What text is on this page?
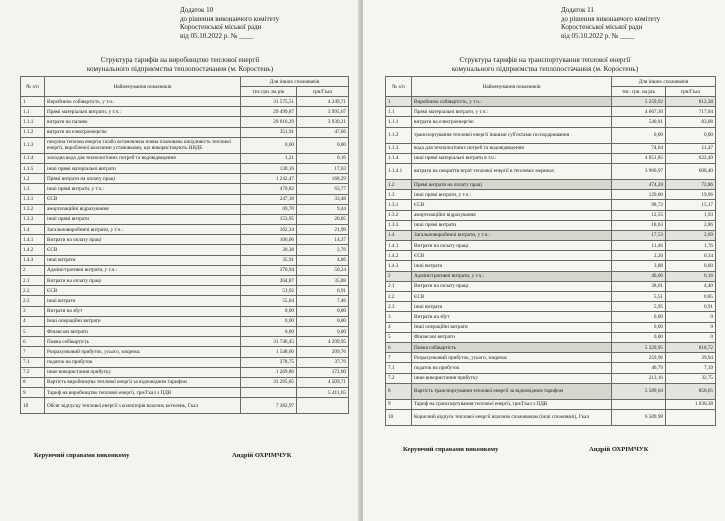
Додаток 10
до рішення виконавчого комітету
Коростенської міської ради
від 05.10.2022 р. № ____
Структура тарифів на виробництво теплової енергії
комунального підприємства теплопостачання (м. Коростень)
№ з/п	Найменування показників	Для інших споживачів	
		тис.грн. на рік	грн/Гкал
1	Виробнича собівартість, у т.ч.:	31 575,51	4 249,71
1.1	Прямі матеріальні витрати, у т.ч.:	29 499,87	3 995,67
1.1.1	витрати на паливо	29 016,29	3 930,21
1.1.2	витрати на електроенергію	351,91	47,66
1.1.3	покупна теплова енергія та/або встановлена повна планована шкідливість теплової енергії, виробленої власними установками, що використовують НВДЕ	0,00	0,00
1.1.4	холодна вода для технологічних потреб та водовідведення	1,21	0,16
1.1.5	інші прямі матеріальні витрати	130,16	17,63
1.2	Прямі витрати на оплату праці	1 242,47	168,29
1.3	інші прямі витрати, у т.ч.:	470,82	63,77
1.3.1	ЄСВ	247,18	33,48
1.3.2	амортизаційні відрахування	69,70	9,44
1.3.3	інші прямі витрати	153,95	20,85
1.4	Загальновиробничі витрати, у т.ч.:	162,34	21,99
1.4.1	Витрати на оплату праці	106,06	14,37
1.4.2	ЄСВ	20,38	2,76
1.4.3	інші витрати	35,91	4,86
2	Адміністративні витрати, у т.ч.:	370,94	50,24
2.1	Витрати на оплату праці	264,87	35,88
2.2	ЄСВ	51,02	6,91
2.3	інші витрати	55,04	7,46
3	Витрати на збут	0,00	0,00
4	Інші операційні витрати	0,00	0,00
5	Фінансові витрати	0,00	0,00
6	Повна собівартість	31 746,45	4 299,95
7	Розрахунковий прибуток, усього, зокрема:	1 548,60	209,76
7.1	податок на прибуток	278,75	37,76
7.2	інше використання прибутку	1 269,86	172,00
8	Вартість виробництва теплової енергії за відповідним тарифом	33 295,05	4 509,71
9	Тариф на виробництво теплової енергії, грн/Гкал з ПДВ		5 411,65
10	Обсяг відпуску теплової енергії з колекторів власних котелень, Гкал	7 382,97	
Керуючий справами виконкому	Андрій ОХРІМЧУК
Додаток 11
до рішення виконавчого комітету
Коростенської міської ради
від 05.10.2022 р. № ____
Структура тарифів на транспортування теплової енергії
комунального підприємства теплопостачання (м. Коростень)
№ з/п	Найменування показників	Для інших споживачів	
		тис. грн. на рік	грн/Гкал
1	Виробнича собівартість, у т.ч.:	5 259,92	812,38
1.1	Прямі матеріальні витрати, у т.ч.:	4 667,30	717,04
1.1.1	витрати на електроенергію	540,81	83,08
1.1.2	транспортування теплової енергії іншими суб'єктами господарювання	0,00	0,00
1.1.3	вода для технологічних потреб та водовідведення	74,64	11,47
1.1.4	інші прямі матеріальні витрати в т.ч.:	4 051,85	622,49
1.1.4.1	витрати на покриття втрат теплової енергії в теплових мережах	3 960,97	608,40
1.2	Прямі витрати на оплату праці	474,28	72,86
1.3	інші прямі витрати, у т.ч.:	129,00	19,96
1.3.1	ЄСВ	98,72	15,17
1.3.2	амортизаційні відрахування	12,55	1,93
1.3.3	інші прямі витрати	18,63	2,86
1.4	Загальновиробничі витрати, у т.ч.:	17,53	2,69
1.4.1	Витрати на оплату праці	11,46	1,76
1.4.2	ЄСВ	2,20	0,34
1.4.3	інші витрати	3,88	0,60
2	Адміністративні витрати, у т.ч.:	40,06	6,16
2.1	Витрати на оплату праці	28,61	4,40
2.2	ЄСВ	5,51	0,85
2.3	інші витрати	5,95	0,91
3	Витрати на збут	0,00	0
4	Інші операційні витрати	0,00	0
5	Фінансові витрати	0,00	0
6	Повна собівартість	5 329,95	818,72
7	Розрахунковий прибуток, усього, зокрема:	259,96	39,94
7.1	податок на прибуток	46,79	7,19
7.2	інше використання прибутку	213,16	32,75
8	Вартість транспортування теплової енергії за відповідним тарифом	5 589,04	858,65
9	Тариф на транспортування теплової енергії, грн/Гкал з ПДВ		1 030,38
10	Корисний відпуск теплової енергії власним споживачам (інші споживачі), Гкал	6 509,98	
Керуючий справами виконкому	Андрій ОХРІМЧУК
